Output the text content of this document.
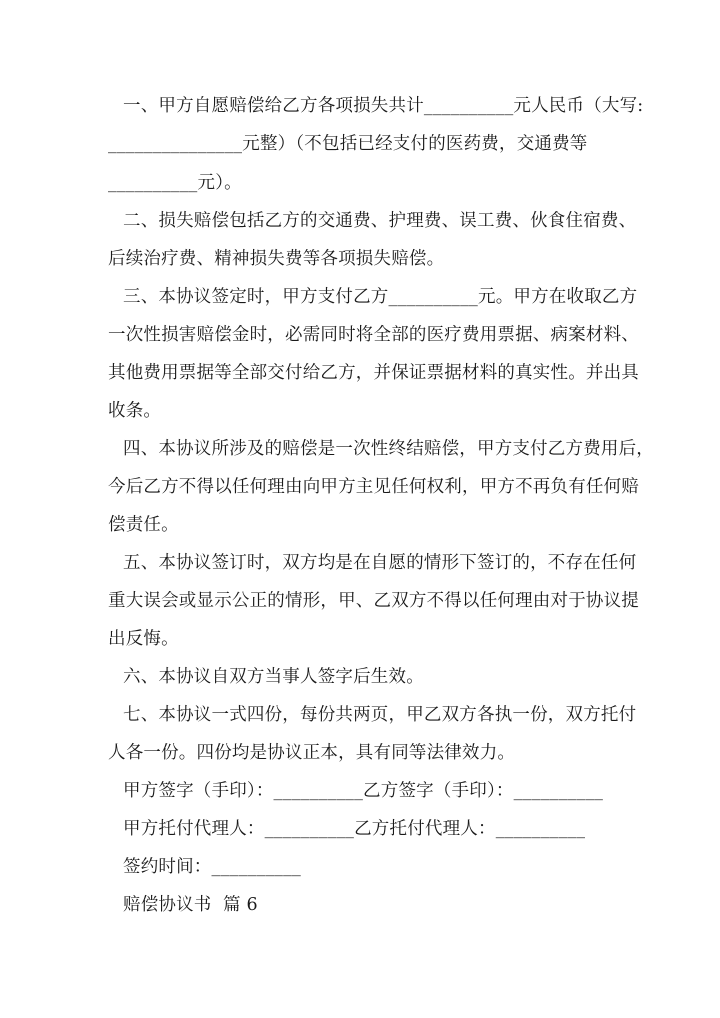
一、甲方自愿赔偿给乙方各项损失共计__________元人民币（大写:
_______________元整）（不包括已经支付的医药费，交通费等
__________元）。
二、损失赔偿包括乙方的交通费、护理费、误工费、伙食住宿费、
后续治疗费、精神损失费等各项损失赔偿。
三、本协议签定时，甲方支付乙方__________元。甲方在收取乙方
一次性损害赔偿金时，必需同时将全部的医疗费用票据、病案材料、
其他费用票据等全部交付给乙方，并保证票据材料的真实性。并出具
收条。
四、本协议所涉及的赔偿是一次性终结赔偿，甲方支付乙方费用后，
今后乙方不得以任何理由向甲方主见任何权利，甲方不再负有任何赔
偿责任。
五、本协议签订时，双方均是在自愿的情形下签订的，不存在任何
重大误会或显示公正的情形，甲、乙双方不得以任何理由对于协议提
出反悔。
六、本协议自双方当事人签字后生效。
七、本协议一式四份，每份共两页，甲乙双方各执一份，双方托付
人各一份。四份均是协议正本，具有同等法律效力。
甲方签字（手印）：__________乙方签字（手印）：__________
甲方托付代理人：__________乙方托付代理人：__________
签约时间：__________
赔偿协议书  篇 6
